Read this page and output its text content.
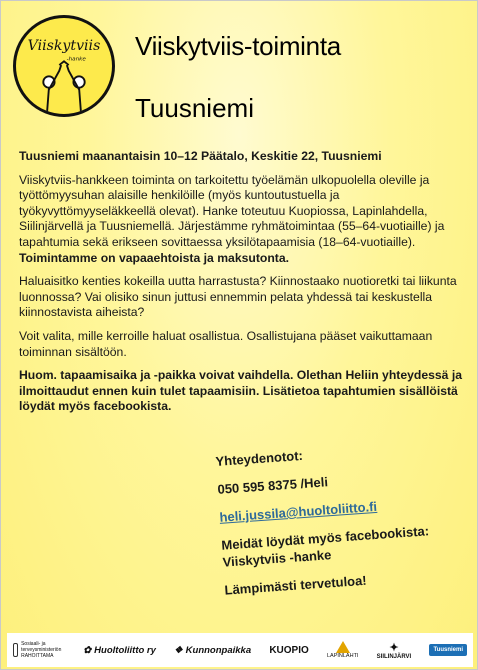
Viiskytviis
-hanke Viiskytviis-toiminta
Tuusniemi

Tuusniemi maanantaisin 10–12 Päätalo, Keskitie 22, Tuusniemi

Viiskytviis-hankkeen toiminta on tarkoitettu työelämän ulkopuolella oleville ja työttömyysuhan alaisille henkilöille (myös kuntoutustuella ja työkyvyttömyyseläkkeellä olevat). Hanke toteutuu Kuopiossa, Lapinlahdella, Siilinjärvellä ja Tuusniemellä. Järjestämme ryhmätoimintaa (55–64-vuotiaille) ja tapahtumia sekä erikseen sovittaessa yksilötapaamisia (18–64-vuotiaille).

Toimintamme on vapaaehtoista ja maksutonta.

Haluaisitko kenties kokeilla uutta harrastusta? Kiinnostaako nuotioretki tai liikunta luonnossa? Vai olisiko sinun juttusi ennemmin pelata yhdessä tai keskustella kiinnostavista aiheista?

Voit valita, mille kerroille haluat osallistua. Osallistujana pääset vaikuttamaan toiminnan sisältöön.

Huom. tapaamisaika ja -paikka voivat vaihdella. Olethan Heliin yhteydessä ja ilmoittaudut ennen kuin tulet tapaamisiin. Lisätietoa tapahtumien sisällöistä löydät myös facebookista.

Yhteydenotot:
050 595 8375 /Heli
heli.jussila@huoltoliitto.fi
Meidät löydät myös facebookista:
Viiskytviis -hanke
Lämpimästi tervetuloa!
Sosiaali- ja terveysministeriön RAHOITTAMA
✿ Huoltoliitto ry ❖ Kunnonpaikka KUOPIO
LAPINLAHTI
✦
SIILINJÄRVI
Tuusniemi
